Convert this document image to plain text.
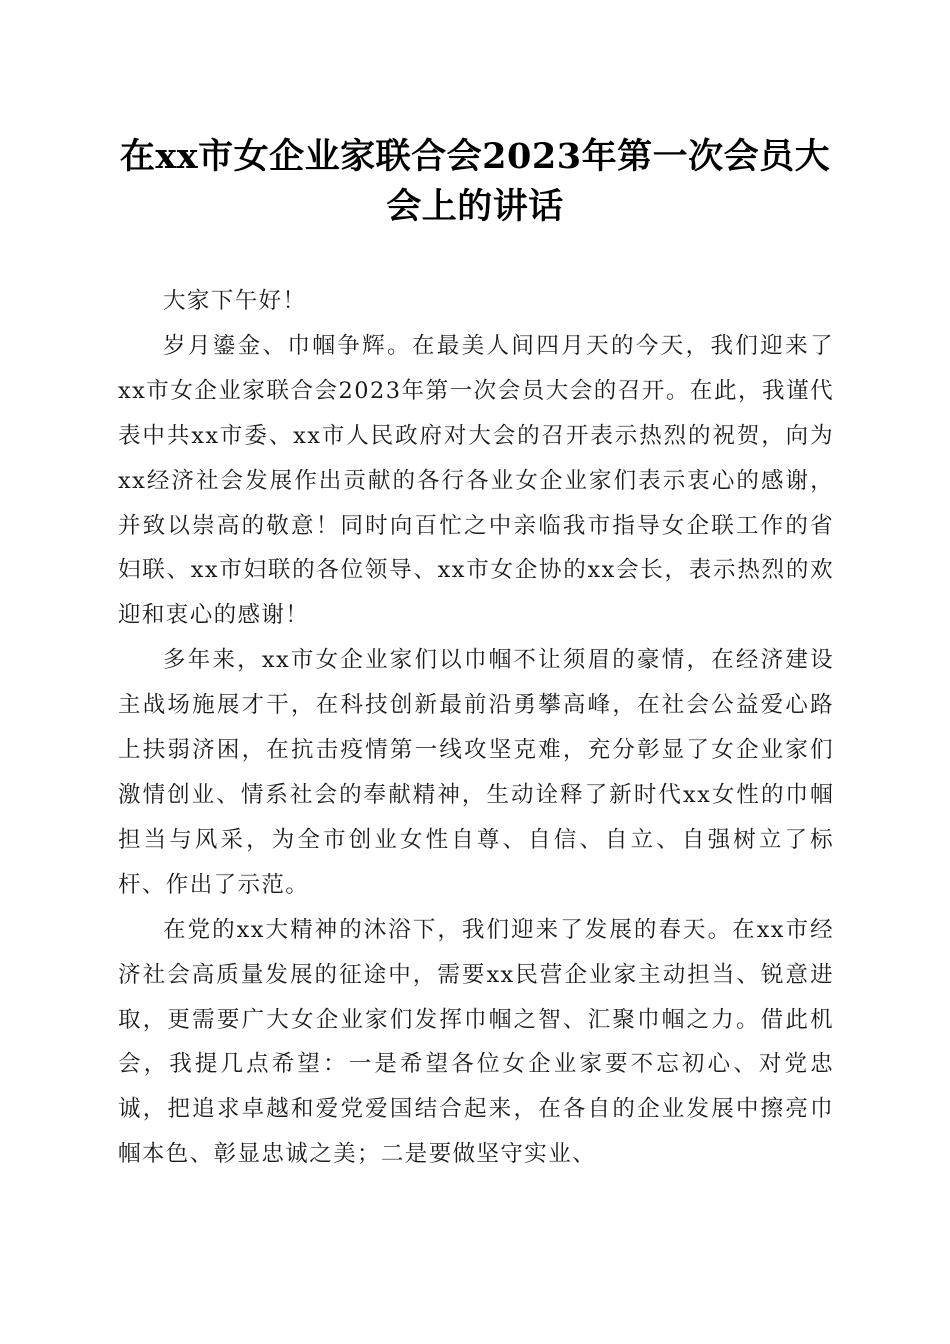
在xx市女企业家联合会2023年第一次会员大会上的讲话

大家下午好！

岁月鎏金、巾帼争辉。在最美人间四月天的今天，我们迎来了xx市女企业家联合会2023年第一次会员大会的召开。在此，我谨代表中共xx市委、xx市人民政府对大会的召开表示热烈的祝贺，向为xx经济社会发展作出贡献的各行各业女企业家们表示衷心的感谢，并致以崇高的敬意！同时向百忙之中亲临我市指导女企联工作的省妇联、xx市妇联的各位领导、xx市女企协的xx会长，表示热烈的欢迎和衷心的感谢！

多年来，xx市女企业家们以巾帼不让须眉的豪情，在经济建设主战场施展才干，在科技创新最前沿勇攀高峰，在社会公益爱心路上扶弱济困，在抗击疫情第一线攻坚克难，充分彰显了女企业家们激情创业、情系社会的奉献精神，生动诠释了新时代xx女性的巾帼担当与风采，为全市创业女性自尊、自信、自立、自强树立了标杆、作出了示范。

在党的xx大精神的沐浴下，我们迎来了发展的春天。在xx市经济社会高质量发展的征途中，需要xx民营企业家主动担当、锐意进取，更需要广大女企业家们发挥巾帼之智、汇聚巾帼之力。借此机会，我提几点希望：一是希望各位女企业家要不忘初心、对党忠诚，把追求卓越和爱党爱国结合起来，在各自的企业发展中擦亮巾帼本色、彰显忠诚之美；二是要做坚守实业、
